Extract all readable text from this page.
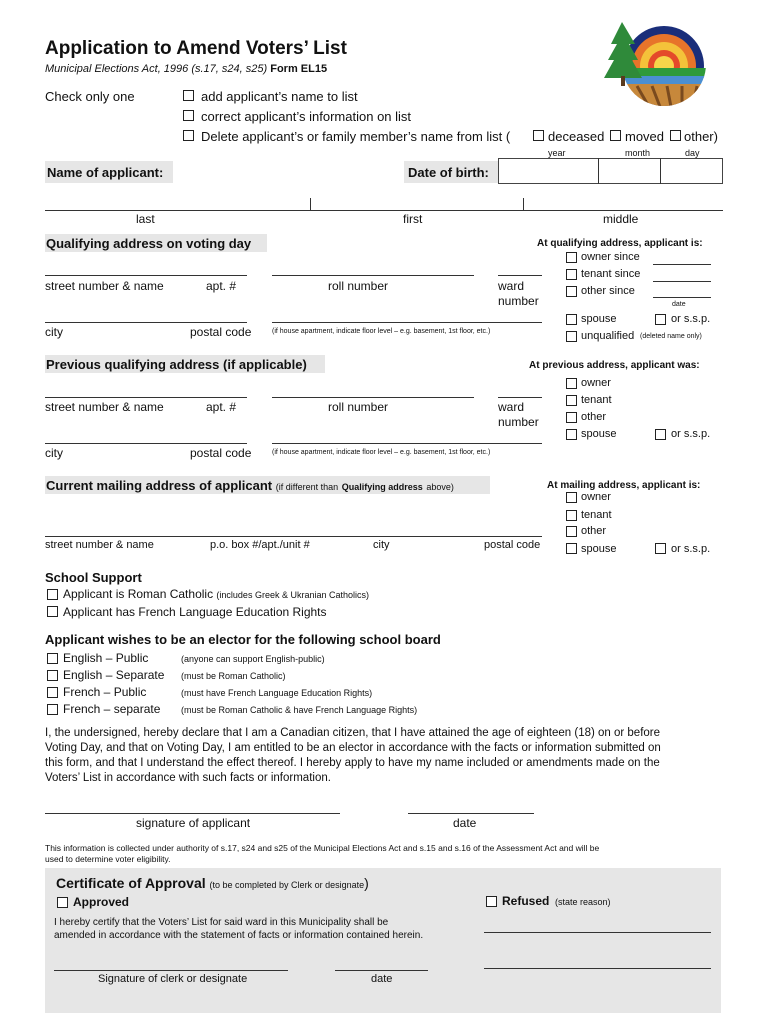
Application to Amend Voters’ List
Municipal Elections Act, 1996 (s.17, s24, s25) Form EL15
Check only one	add applicant’s name to list
correct applicant’s information on list
Delete applicant’s or family member’s name from list (	deceased moved other)
year	month	day
Name of applicant:	Date of birth:
last	first	middle
Qualifying address on voting day	At qualifying address, applicant is:
street number & name	apt. #	roll number	ward
number
city	postal code	(if house apartment, indicate floor level – e.g. basement, 1st floor, etc.)
owner since
tenant since
other since
date
spouse	or s.s.p.
unqualified (deleted name only)
Previous qualifying address (if applicable)	At previous address, applicant was:
street number & name	apt. #	roll number	ward
number
city	postal code	(if house apartment, indicate floor level – e.g. basement, 1st floor, etc.)
owner
tenant
other
spouse	or s.s.p.
Current mailing address of applicant (if different than Qualifying address above)	At mailing address, applicant is:
street number & name	p.o. box #/apt./unit #	city	postal code
owner
tenant
other
spouse	or s.s.p.
School Support
Applicant is Roman Catholic (includes Greek & Ukranian Catholics)
Applicant has French Language Education Rights
Applicant wishes to be an elector for the following school board
English – Public	(anyone can support English-public)
English – Separate (must be Roman Catholic)
French – Public	(must have French Language Education Rights)
French – separate (must be Roman Catholic & have French Language Rights)
I, the undersigned, hereby declare that I am a Canadian citizen, that I have attained the age of eighteen (18) on or before
Voting Day, and that on Voting Day, I am entitled to be an elector in accordance with the facts or information submitted on
this form, and that I understand the effect thereof. I hereby apply to have my name included or amendments made on the
Voters’ List in accordance with such facts or information.
signature of applicant	date
This information is collected under authority of s.17, s24 and s25 of the Municipal Elections Act and s.15 and s.16 of the Assessment Act and will be
used to determine voter eligibility.
Certificate of Approval (to be completed by Clerk or designate)
Approved	Refused (state reason)
I hereby certify that the Voters’ List for said ward in this Municipality shall be
amended in accordance with the statement of facts or information contained herein.
Signature of clerk or designate	date
